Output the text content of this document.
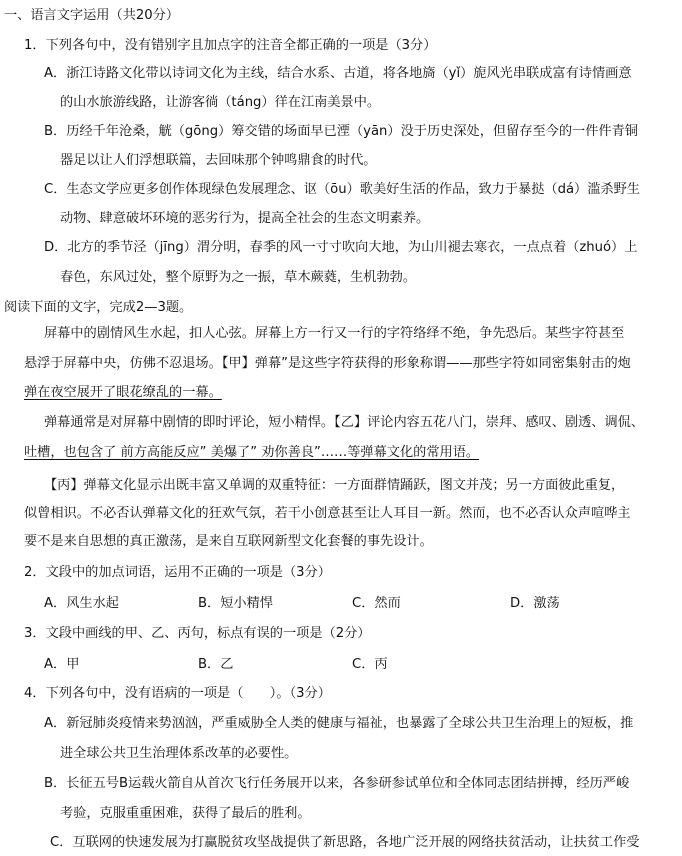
一、语言文字运用（共20分）
1．下列各句中，没有错别字且加点字的注音全都正确的一项是（3分）
A．浙江诗路文化带以诗词文化为主线，结合水系、古道，将各地旖（yǐ）旎风光串联成富有诗情画意
的山水旅游线路，让游客徜（táng）徉在江南美景中。
B．历经千年沧桑，觥（gōng）筹交错的场面早已湮（yān）没于历史深处，但留存至今的一件件青铜
器足以让人们浮想联篇，去回味那个钟鸣鼎食的时代。
C．生态文学应更多创作体现绿色发展理念、讴（ōu）歌美好生活的作品，致力于暴挞（dá）滥杀野生
动物、肆意破坏环境的恶劣行为，提高全社会的生态文明素养。
D．北方的季节泾（jīng）渭分明，春季的风一寸寸吹向大地，为山川褪去寒衣，一点点着（zhuó）上
春色，东风过处，整个原野为之一振，草木蕨蕤，生机勃勃。
阅读下面的文字，完成2—3题。
屏幕中的剧情风生水起，扣人心弦。屏幕上方一行又一行的字符络绎不绝，争先恐后。某些字符甚至
悬浮于屏幕中央，仿佛不忍退场。【甲】弹幕”是这些字符获得的形象称谓——那些字符如同密集射击的炮
弹在夜空展开了眼花缭乱的一幕。
弹幕通常是对屏幕中剧情的即时评论，短小精悍。【乙】评论内容五花八门，崇拜、感叹、剧透、调侃、
吐槽，也包含了 前方高能反应” 美爆了” 劝你善良”……等弹幕文化的常用语。
【丙】弹幕文化显示出既丰富又单调的双重特征：一方面群情踊跃，图文并茂；另一方面彼此重复，
似曾相识。不必否认弹幕文化的狂欢气氛，若干小创意甚至让人耳目一新。然而，也不必否认众声喧哗主
要不是来自思想的真正激荡，是来自互联网新型文化套餐的事先设计。
2．文段中的加点词语，运用不正确的一项是（3分）
A．风生水起	B．短小精悍	C．然而	D．激荡
3．文段中画线的甲、乙、丙句，标点有误的一项是（2分）
A．甲	B．乙	C．丙
4．下列各句中，没有语病的一项是（　　）。（3分）
A．新冠肺炎疫情来势汹汹，严重威胁全人类的健康与福祉，也暴露了全球公共卫生治理上的短板，推
进全球公共卫生治理体系改革的必要性。
B．长征五号B运载火箭自从首次飞行任务展开以来，各参研参试单位和全体同志团结拼搏，经历严峻
考验，克服重重困难，获得了最后的胜利。
C．互联网的快速发展为打赢脱贫攻坚战提供了新思路，各地广泛开展的网络扶贫活动，让扶贫工作受
